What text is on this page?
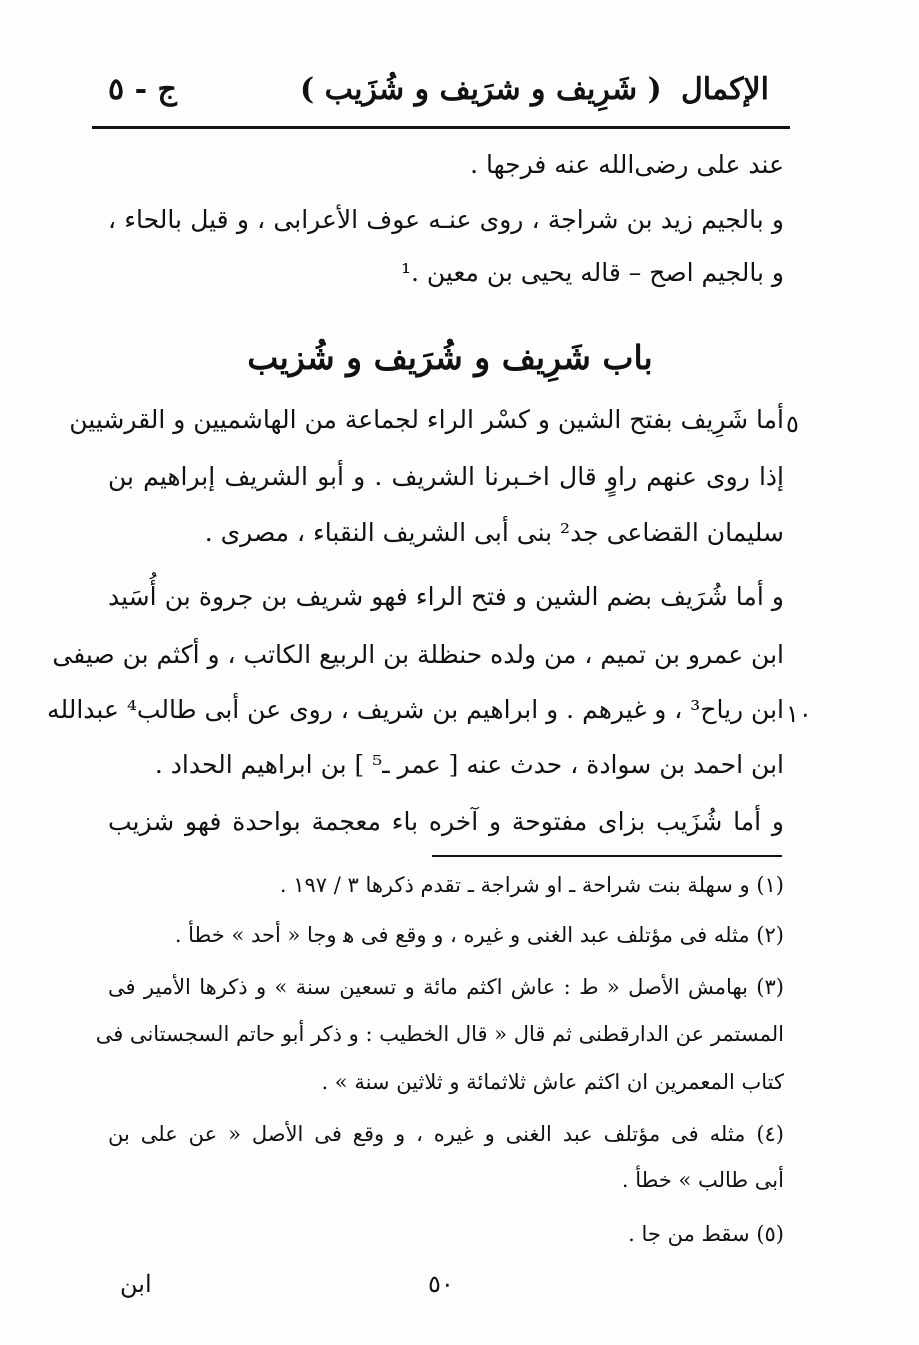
الإكمال
( شَرِيف و شرَيف و شُزَيب )
ج - ٥
عند على رضى‌الله عنه فرجها .
و بالجيم زيد بن شراجة ، روى عنـه عوف الأعرابى ، و قيل بالحاء ،
و بالجيم اصح – قاله يحيى بن معين .¹
باب شَرِيف و شُرَيف و شُزيب
٥
أما شَرِيف بفتح الشين و كسْر الراء لجماعة من الهاشميين و القرشيين
إذا روى عنهم راوٍ قال اخـبرنا الشريف . و أبو الشريف إبراهيم بن
سليمان القضاعى جد² بنى أبى الشريف النقباء ، مصرى .
و أما شُرَيف بضم الشين و فتح الراء فهو شريف بن جروة بن أُسَيد
ابن عمرو بن تميم ، من ولده حنظلة بن الربيع الكاتب ، و أكثم بن صيفى
١٠
ابن رياح³ ، و غيرهم . و ابراهيم بن شريف ، روى عن أبى طالب⁴ عبدالله
ابن احمد بن سوادة ، حدث عنه [ عمر ـ⁵ ] بن ابراهيم الحداد .
و أما شُزَيب بزاى مفتوحة و آخره باء معجمة بواحدة فهو شزيب
(١) و سهلة بنت شراحة ـ او شراجة ـ تقدم ذكرها ٣ / ١٩٧ .
(٢) مثله فى مؤتلف عبد الغنى و غيره ، و وقع فى ﻫ وجا « أحد » خطأ .
(٣) بهامش الأصل « ط : عاش اكثم مائة و تسعين سنة » و ذكرها الأمير فى
المستمر عن الدارقطنى ثم قال « قال الخطيب : و ذكر أبو حاتم السجستانى فى
كتاب المعمرين ان اكثم عاش ثلاثمائة و ثلاثين سنة » .
(٤) مثله فى مؤتلف عبد الغنى و غيره ، و وقع فى الأصل « عن على بن
أبى طالب » خطأ .
(٥) سقط من جا .
٥٠
ابن
